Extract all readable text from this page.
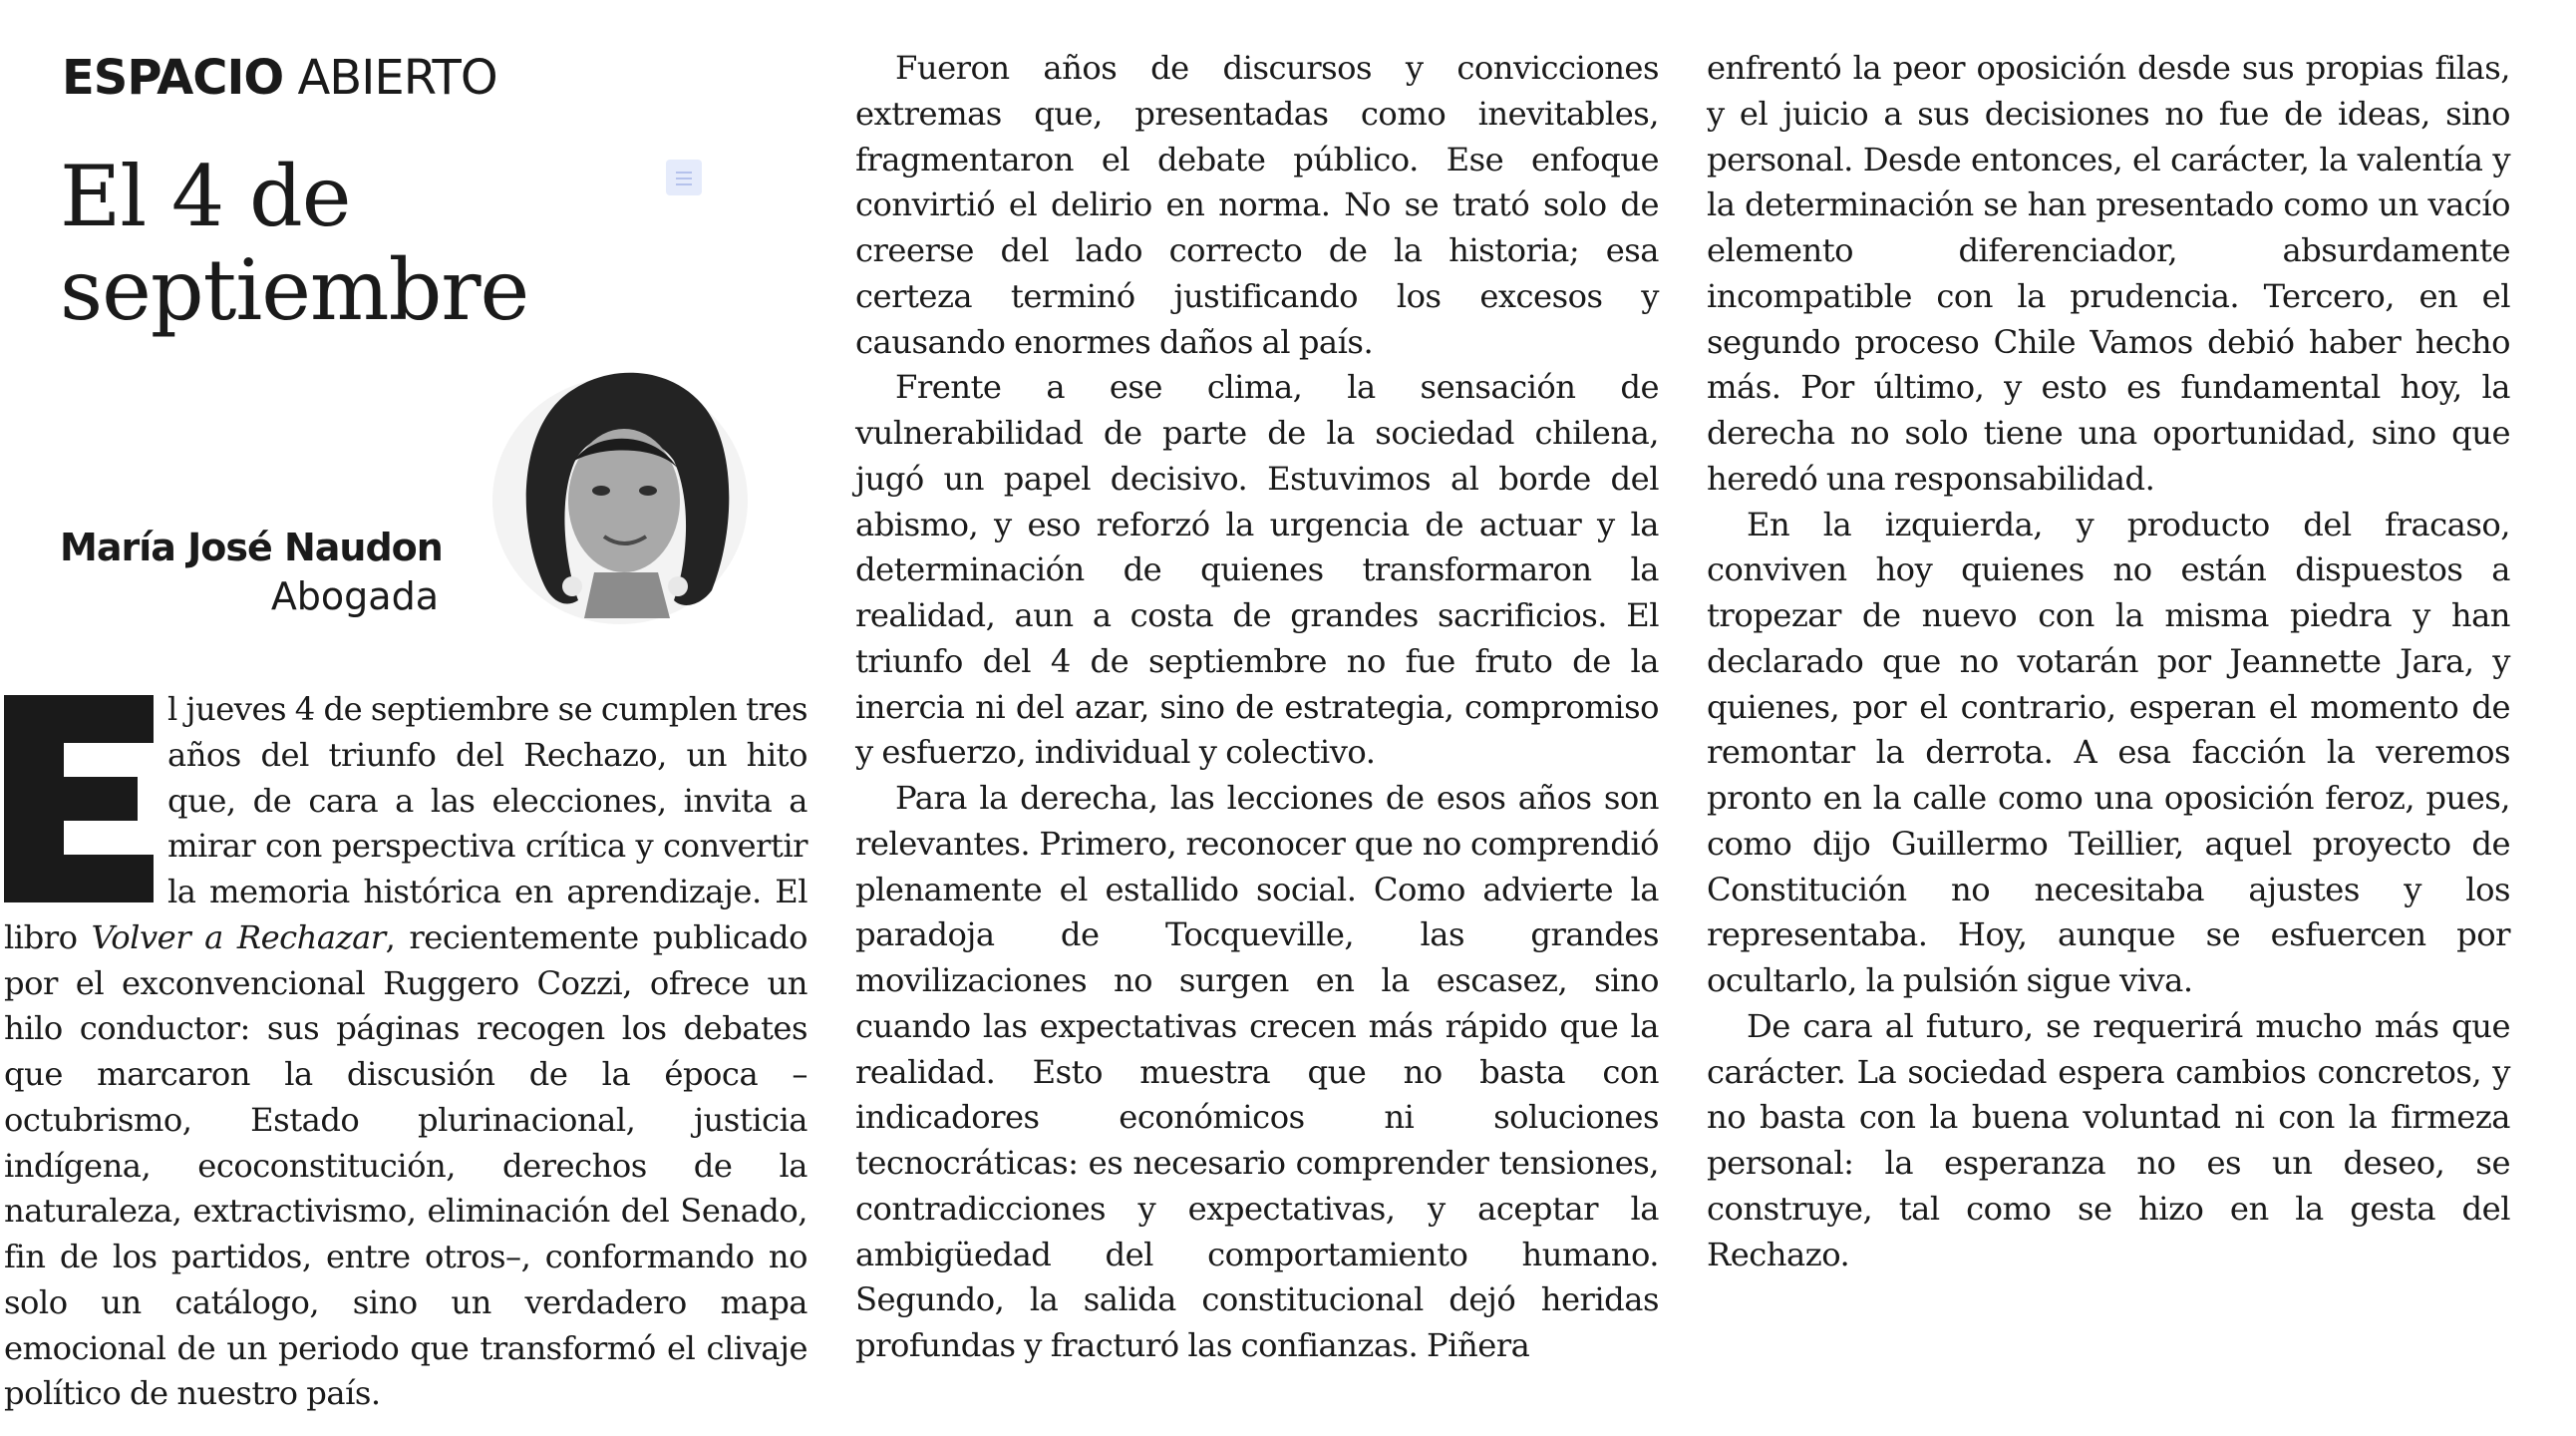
ESPACIO ABIERTO
El 4 de septiembre
María José Naudon
Abogada

l jueves 4 de septiembre se cumplen tres años del triunfo del Rechazo, un hito que, de cara a las elecciones, invita a mirar con perspectiva crítica y convertir la memoria histórica en aprendizaje. El libro Volver a Rechazar, recientemente publicado por el exconvencional Ruggero Cozzi, ofrece un hilo conductor: sus páginas recogen los debates que marcaron la discusión de la época –octubrismo, Estado plurinacional, justicia indígena, ecoconstitución, derechos de la naturaleza, extractivismo, eliminación del Senado, fin de los partidos, entre otros–, conformando no solo un catálogo, sino un verdadero mapa emocional de un periodo que transformó el clivaje político de nuestro país.

Fueron años de discursos y convicciones extremas que, presentadas como inevitables, fragmentaron el debate público. Ese enfoque convirtió el delirio en norma. No se trató solo de creerse del lado correcto de la historia; esa certeza terminó justificando los excesos y causando enormes daños al país.

Frente a ese clima, la sensación de vulnerabilidad de parte de la sociedad chilena, jugó un papel decisivo. Estuvimos al borde del abismo, y eso reforzó la urgencia de actuar y la determinación de quienes transformaron la realidad, aun a costa de grandes sacrificios. El triunfo del 4 de septiembre no fue fruto de la inercia ni del azar, sino de estrategia, compromiso y esfuerzo, individual y colectivo.

Para la derecha, las lecciones de esos años son relevantes. Primero, reconocer que no comprendió plenamente el estallido social. Como advierte la paradoja de Tocqueville, las grandes movilizaciones no surgen en la escasez, sino cuando las expectativas crecen más rápido que la realidad. Esto muestra que no basta con indicadores económicos ni soluciones tecnocráticas: es necesario comprender tensiones, contradicciones y expectativas, y aceptar la ambigüedad del comportamiento humano. Segundo, la salida constitucional dejó heridas profundas y fracturó las confianzas. Piñera

enfrentó la peor oposición desde sus propias filas, y el juicio a sus decisiones no fue de ideas, sino personal. Desde entonces, el carácter, la valentía y la determinación se han presentado como un vacío elemento diferenciador, absurdamente incompatible con la prudencia. Tercero, en el segundo proceso Chile Vamos debió haber hecho más. Por último, y esto es fundamental hoy, la derecha no solo tiene una oportunidad, sino que heredó una responsabilidad.

En la izquierda, y producto del fracaso, conviven hoy quienes no están dispuestos a tropezar de nuevo con la misma piedra y han declarado que no votarán por Jeannette Jara, y quienes, por el contrario, esperan el momento de remontar la derrota. A esa facción la veremos pronto en la calle como una oposición feroz, pues, como dijo Guillermo Teillier, aquel proyecto de Constitución no necesitaba ajustes y los representaba. Hoy, aunque se esfuercen por ocultarlo, la pulsión sigue viva.

De cara al futuro, se requerirá mucho más que carácter. La sociedad espera cambios concretos, y no basta con la buena voluntad ni con la firmeza personal: la esperanza no es un deseo, se construye, tal como se hizo en la gesta del Rechazo.
